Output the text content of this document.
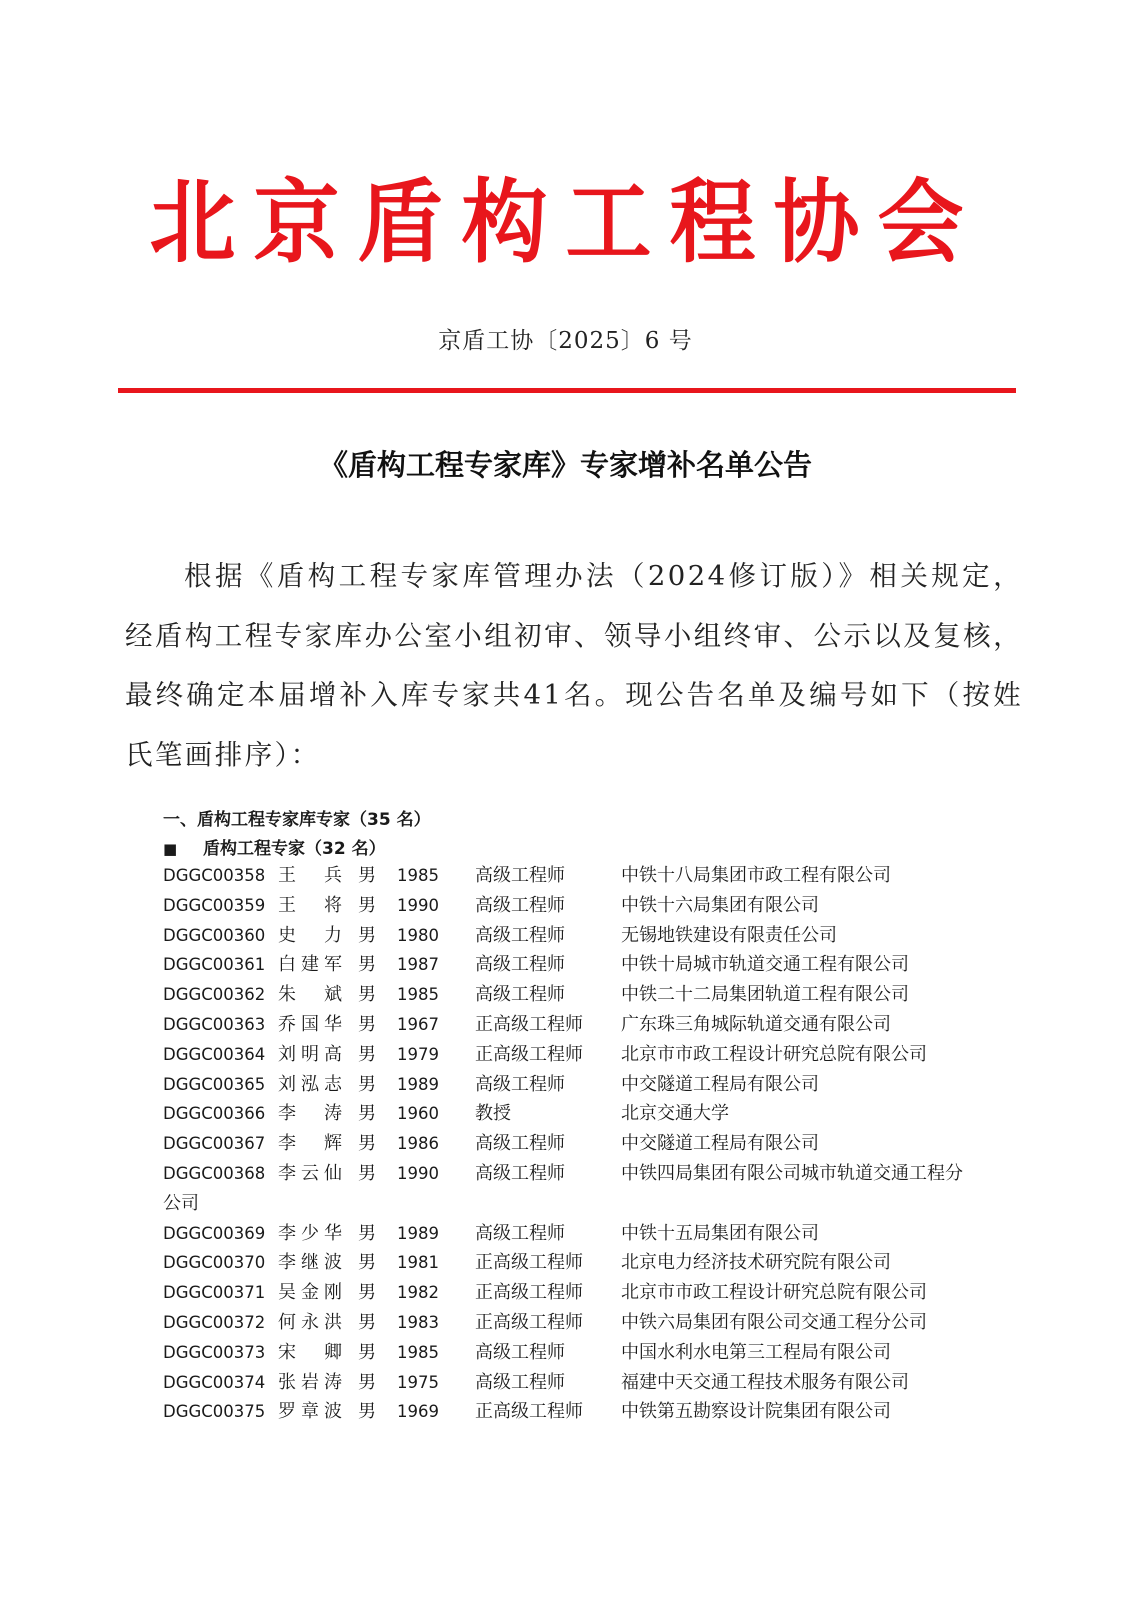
北京盾构工程协会
京盾工协〔2025〕6 号
《盾构工程专家库》专家增补名单公告
根据《盾构工程专家库管理办法（2024修订版）》相关规定，经盾构工程专家库办公室小组初审、领导小组终审、公示以及复核，最终确定本届增补入库专家共41名。现公告名单及编号如下（按姓氏笔画排序）：
一、盾构工程专家库专家（35 名）
■ 盾构工程专家（32 名）
DGGC00358 王　兵 男 1985 高级工程师	中铁十八局集团市政工程有限公司
DGGC00359 王　将 男 1990 高级工程师	中铁十六局集团有限公司
DGGC00360 史　力 男 1980 高级工程师	无锡地铁建设有限责任公司
DGGC00361 白建军 男 1987 高级工程师	中铁十局城市轨道交通工程有限公司
DGGC00362 朱　斌 男 1985 高级工程师	中铁二十二局集团轨道工程有限公司
DGGC00363 乔国华 男 1967 正高级工程师 广东珠三角城际轨道交通有限公司
DGGC00364 刘明高 男 1979 正高级工程师 北京市市政工程设计研究总院有限公司
DGGC00365 刘泓志 男 1989 高级工程师	中交隧道工程局有限公司
DGGC00366 李　涛 男 1960 教授	北京交通大学
DGGC00367 李　辉 男 1986 高级工程师	中交隧道工程局有限公司
DGGC00368 李云仙 男 1990 高级工程师	中铁四局集团有限公司城市轨道交通工程分
公司
DGGC00369 李少华 男 1989 高级工程师	中铁十五局集团有限公司
DGGC00370 李继波 男 1981 正高级工程师 北京电力经济技术研究院有限公司
DGGC00371 吴金刚 男 1982 正高级工程师 北京市市政工程设计研究总院有限公司
DGGC00372 何永洪 男 1983 正高级工程师 中铁六局集团有限公司交通工程分公司
DGGC00373 宋　卿 男 1985 高级工程师	中国水利水电第三工程局有限公司
DGGC00374 张岩涛 男 1975 高级工程师	福建中天交通工程技术服务有限公司
DGGC00375 罗章波 男 1969 正高级工程师 中铁第五勘察设计院集团有限公司
